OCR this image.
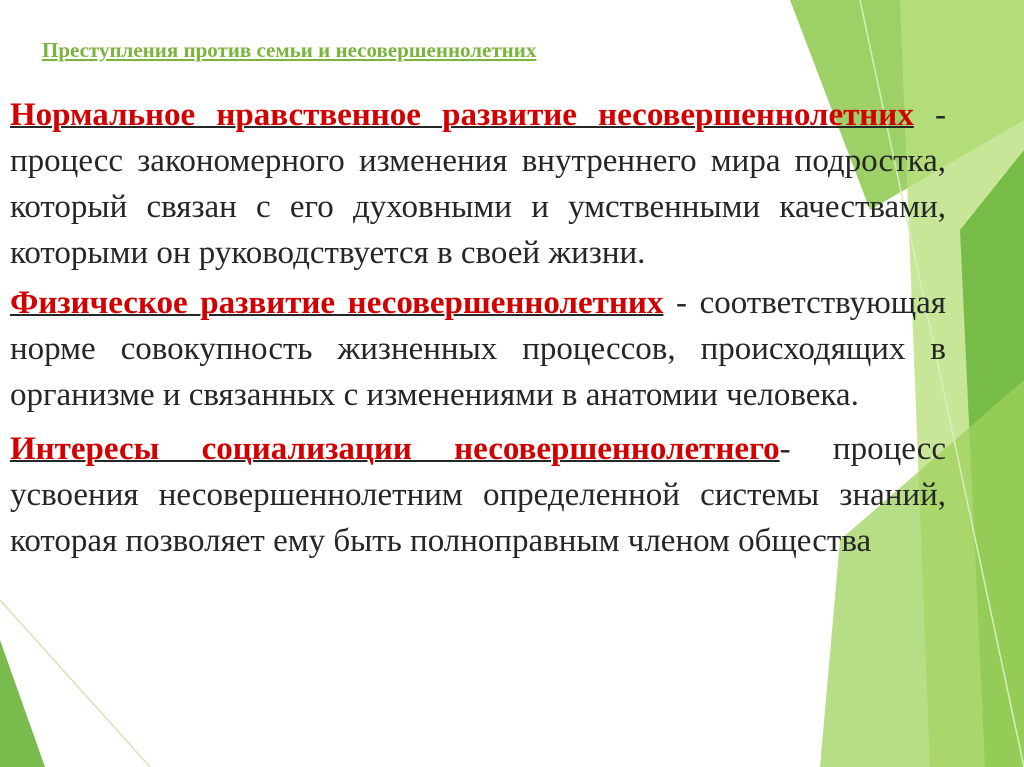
Преступления против семьи и несовершеннолетних

Нормальное нравственное развитие несовершеннолетних - процесс закономерного изменения внутреннего мира подростка, который связан с его духовными и умственными качествами, которыми он руководствуется в своей жизни.

Физическое развитие несовершеннолетних - соответствующая норме совокупность жизненных процессов, происходящих в организме и связанных с изменениями в анатомии человека.

Интересы социализации несовершеннолетнего- процесс усвоения несовершеннолетним определенной системы знаний, которая позволяет ему быть полноправным членом общества
